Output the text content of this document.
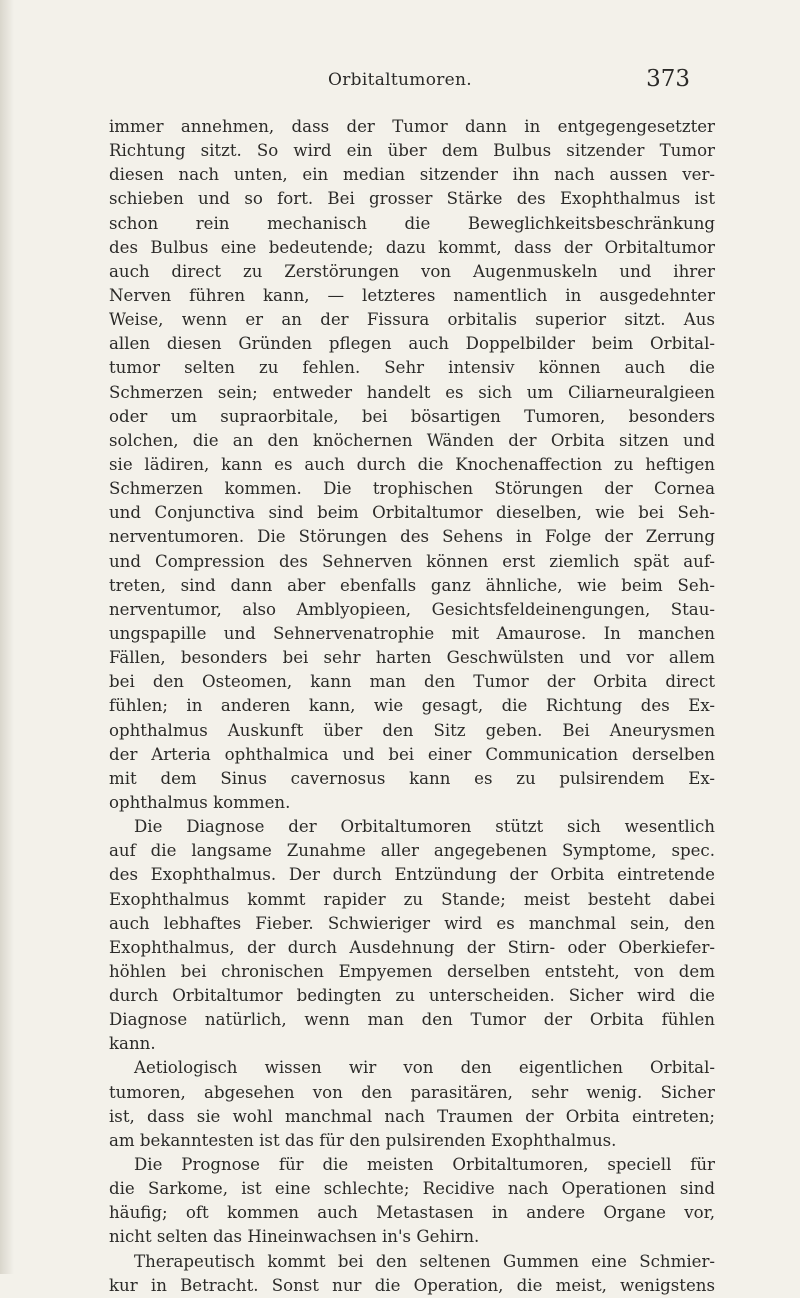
Orbitaltumoren.	373
immer annehmen, dass der Tumor dann in entgegengesetzter
Richtung sitzt. So wird ein über dem Bulbus sitzender Tumor
diesen nach unten, ein median sitzender ihn nach aussen ver-
schieben und so fort. Bei grosser Stärke des Exophthalmus ist
schon rein mechanisch die Beweglichkeitsbeschränkung
des Bulbus eine bedeutende; dazu kommt, dass der Orbitaltumor
auch direct zu Zerstörungen von Augenmuskeln und ihrer
Nerven führen kann, — letzteres namentlich in ausgedehnter
Weise, wenn er an der Fissura orbitalis superior sitzt. Aus
allen diesen Gründen pflegen auch Doppelbilder beim Orbital-
tumor selten zu fehlen. Sehr intensiv können auch die
Schmerzen sein; entweder handelt es sich um Ciliarneuralgieen
oder um supraorbitale, bei bösartigen Tumoren, besonders
solchen, die an den knöchernen Wänden der Orbita sitzen und
sie lädiren, kann es auch durch die Knochenaffection zu heftigen
Schmerzen kommen. Die trophischen Störungen der Cornea
und Conjunctiva sind beim Orbitaltumor dieselben, wie bei Seh-
nerventumoren. Die Störungen des Sehens in Folge der Zerrung
und Compression des Sehnerven können erst ziemlich spät auf-
treten, sind dann aber ebenfalls ganz ähnliche, wie beim Seh-
nerventumor, also Amblyopieen, Gesichtsfeldeinengungen, Stau-
ungspapille und Sehnervenatrophie mit Amaurose. In manchen
Fällen, besonders bei sehr harten Geschwülsten und vor allem
bei den Osteomen, kann man den Tumor der Orbita direct
fühlen; in anderen kann, wie gesagt, die Richtung des Ex-
ophthalmus Auskunft über den Sitz geben. Bei Aneurysmen
der Arteria ophthalmica und bei einer Communication derselben
mit dem Sinus cavernosus kann es zu pulsirendem Ex-
ophthalmus kommen.
Die Diagnose der Orbitaltumoren stützt sich wesentlich
auf die langsame Zunahme aller angegebenen Symptome, spec.
des Exophthalmus. Der durch Entzündung der Orbita eintretende
Exophthalmus kommt rapider zu Stande; meist besteht dabei
auch lebhaftes Fieber. Schwieriger wird es manchmal sein, den
Exophthalmus, der durch Ausdehnung der Stirn- oder Oberkiefer-
höhlen bei chronischen Empyemen derselben entsteht, von dem
durch Orbitaltumor bedingten zu unterscheiden. Sicher wird die
Diagnose natürlich, wenn man den Tumor der Orbita fühlen
kann.
Aetiologisch wissen wir von den eigentlichen Orbital-
tumoren, abgesehen von den parasitären, sehr wenig. Sicher
ist, dass sie wohl manchmal nach Traumen der Orbita eintreten;
am bekanntesten ist das für den pulsirenden Exophthalmus.
Die Prognose für die meisten Orbitaltumoren, speciell für
die Sarkome, ist eine schlechte; Recidive nach Operationen sind
häufig; oft kommen auch Metastasen in andere Organe vor,
nicht selten das Hineinwachsen in's Gehirn.
Therapeutisch kommt bei den seltenen Gummen eine Schmier-
kur in Betracht. Sonst nur die Operation, die meist, wenigstens
